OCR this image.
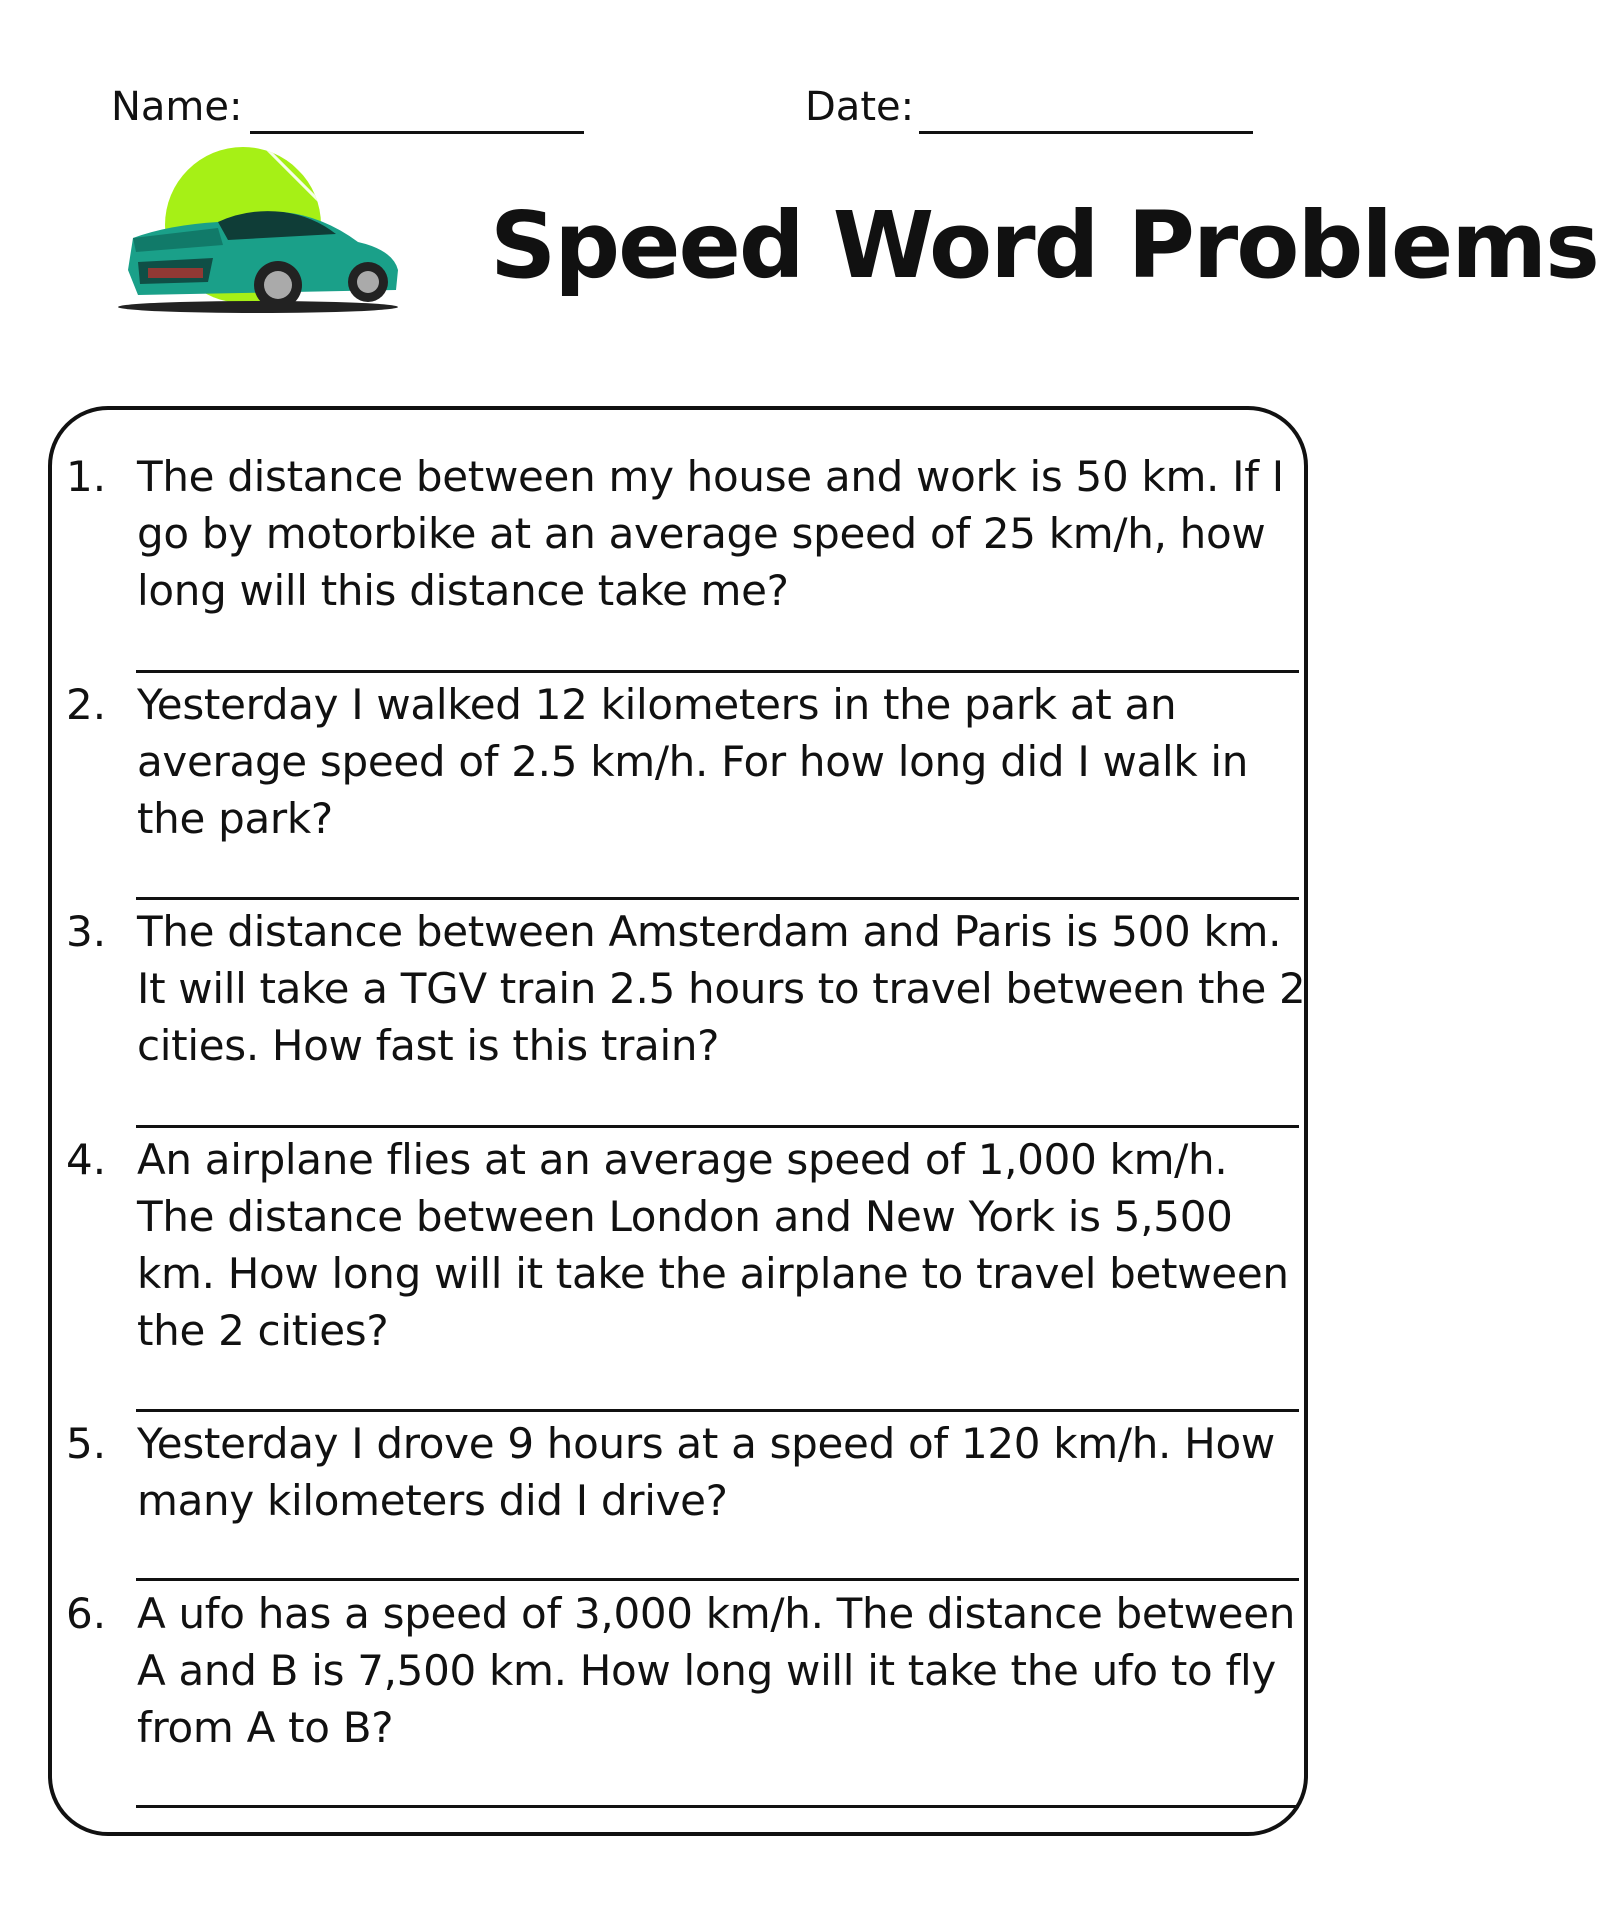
Name:	Date:
Speed Word Problems
1. The distance between my house and work is 50 km. If I go by motorbike at an average speed of 25 km/h, how long will this distance take me?
2. Yesterday I walked 12 kilometers in the park at an average speed of 2.5 km/h. For how long did I walk in the park?
3. The distance between Amsterdam and Paris is 500 km. It will take a TGV train 2.5 hours to travel between the 2 cities. How fast is this train?
4. An airplane flies at an average speed of 1,000 km/h. The distance between London and New York is 5,500 km. How long will it take the airplane to travel between the 2 cities?
5. Yesterday I drove 9 hours at a speed of 120 km/h. How many kilometers did I drive?
6. A ufo has a speed of 3,000 km/h. The distance between A and B is 7,500 km. How long will it take the ufo to fly from A to B?
